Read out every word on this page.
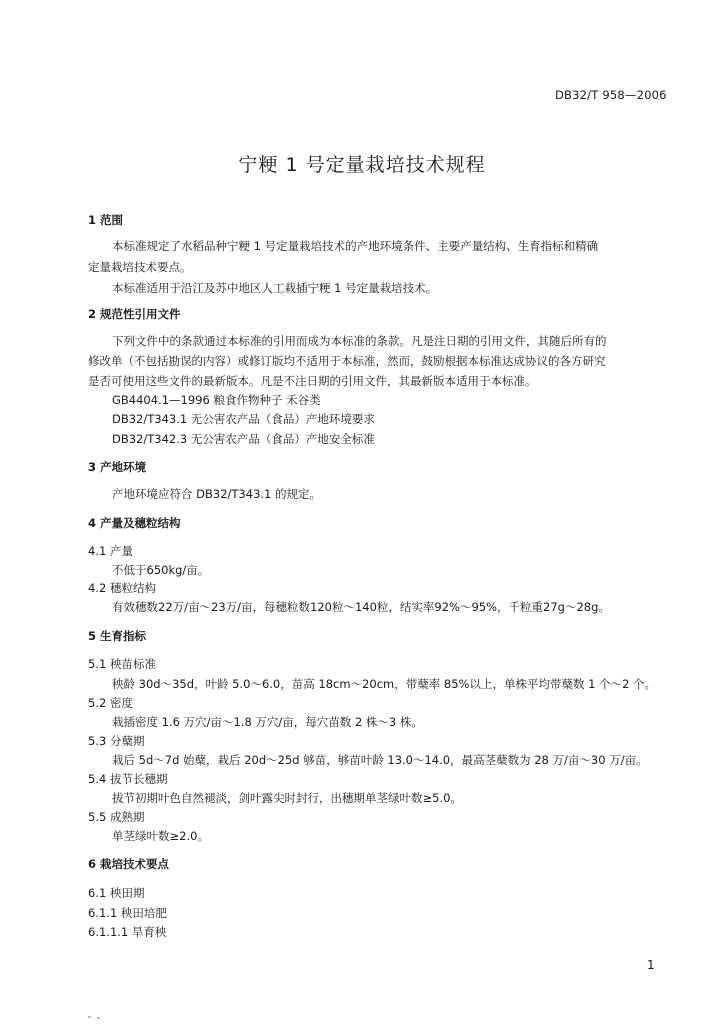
DB32/T 958—2006
宁粳 1 号定量栽培技术规程
1 范围
本标准规定了水稻品种宁粳 1 号定量栽培技术的产地环境条件、主要产量结构、生育指标和精确
定量栽培技术要点。
本标准适用于沿江及苏中地区人工栽插宁粳 1 号定量栽培技术。
2 规范性引用文件
下列文件中的条款通过本标准的引用而成为本标准的条款。凡是注日期的引用文件，其随后所有的
修改单（不包括勘误的内容）或修订版均不适用于本标准，然而，鼓励根据本标准达成协议的各方研究
是否可使用这些文件的最新版本。凡是不注日期的引用文件，其最新版本适用于本标准。
GB4404.1—1996 粮食作物种子 禾谷类
DB32/T343.1 无公害农产品（食品）产地环境要求
DB32/T342.3 无公害农产品（食品）产地安全标准
3 产地环境
产地环境应符合 DB32/T343.1 的规定。
4 产量及穗粒结构
4.1 产量
不低于650kg/亩。
4.2 穗粒结构
有效穗数22万/亩～23万/亩，每穗粒数120粒～140粒，结实率92%～95%，千粒重27g～28g。
5 生育指标
5.1 秧苗标准
秧龄 30d～35d，叶龄 5.0～6.0，苗高 18cm～20cm，带蘖率 85%以上，单株平均带蘖数 1 个～2 个。
5.2 密度
栽插密度 1.6 万穴/亩～1.8 万穴/亩，每穴苗数 2 株～3 株。
5.3 分蘖期
栽后 5d～7d 始蘖，栽后 20d～25d 够苗，够苗叶龄 13.0～14.0，最高茎蘖数为 28 万/亩～30 万/亩。
5.4 拔节长穗期
拔节初期叶色自然褪淡，剑叶露尖时封行，出穗期单茎绿叶数≥5.0。
5.5 成熟期
单茎绿叶数≥2.0。
6 栽培技术要点
6.1 秧田期
6.1.1 秧田培肥
6.1.1.1 旱育秧
1
